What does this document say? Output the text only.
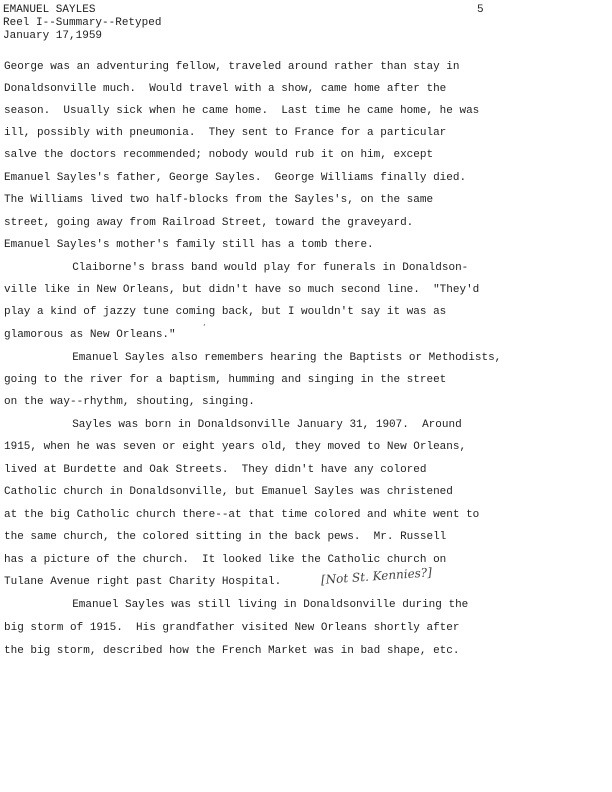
EMANUEL SAYLES
Reel I--Summary--Retyped
January 17,1959
5
George was an adventuring fellow, traveled around rather than stay in
Donaldsonville much.  Would travel with a show, came home after the
season.  Usually sick when he came home.  Last time he came home, he was
ill, possibly with pneumonia.  They sent to France for a particular
salve the doctors recommended; nobody would rub it on him, except
Emanuel Sayles's father, George Sayles.  George Williams finally died.
The Williams lived two half-blocks from the Sayles's, on the same
street, going away from Railroad Street, toward the graveyard.
Emanuel Sayles's mother's family still has a tomb there.
Claiborne's brass band would play for funerals in Donaldson-
ville like in New Orleans, but didn't have so much second line.  "They'd
play a kind of jazzy tune coming back, but I wouldn't say it was as
glamorous as New Orleans."
Emanuel Sayles also remembers hearing the Baptists or Methodists,
going to the river for a baptism, humming and singing in the street
on the way--rhythm, shouting, singing.
Sayles was born in Donaldsonville January 31, 1907.  Around
1915, when he was seven or eight years old, they moved to New Orleans,
lived at Burdette and Oak Streets.  They didn't have any colored
Catholic church in Donaldsonville, but Emanuel Sayles was christened
at the big Catholic church there--at that time colored and white went to
the same church, the colored sitting in the back pews.  Mr. Russell
has a picture of the church.  It looked like the Catholic church on
Tulane Avenue right past Charity Hospital.
Emanuel Sayles was still living in Donaldsonville during the
big storm of 1915.  His grandfather visited New Orleans shortly after
the big storm, described how the French Market was in bad shape, etc.
[Not St. Kennies?]
ʼ
